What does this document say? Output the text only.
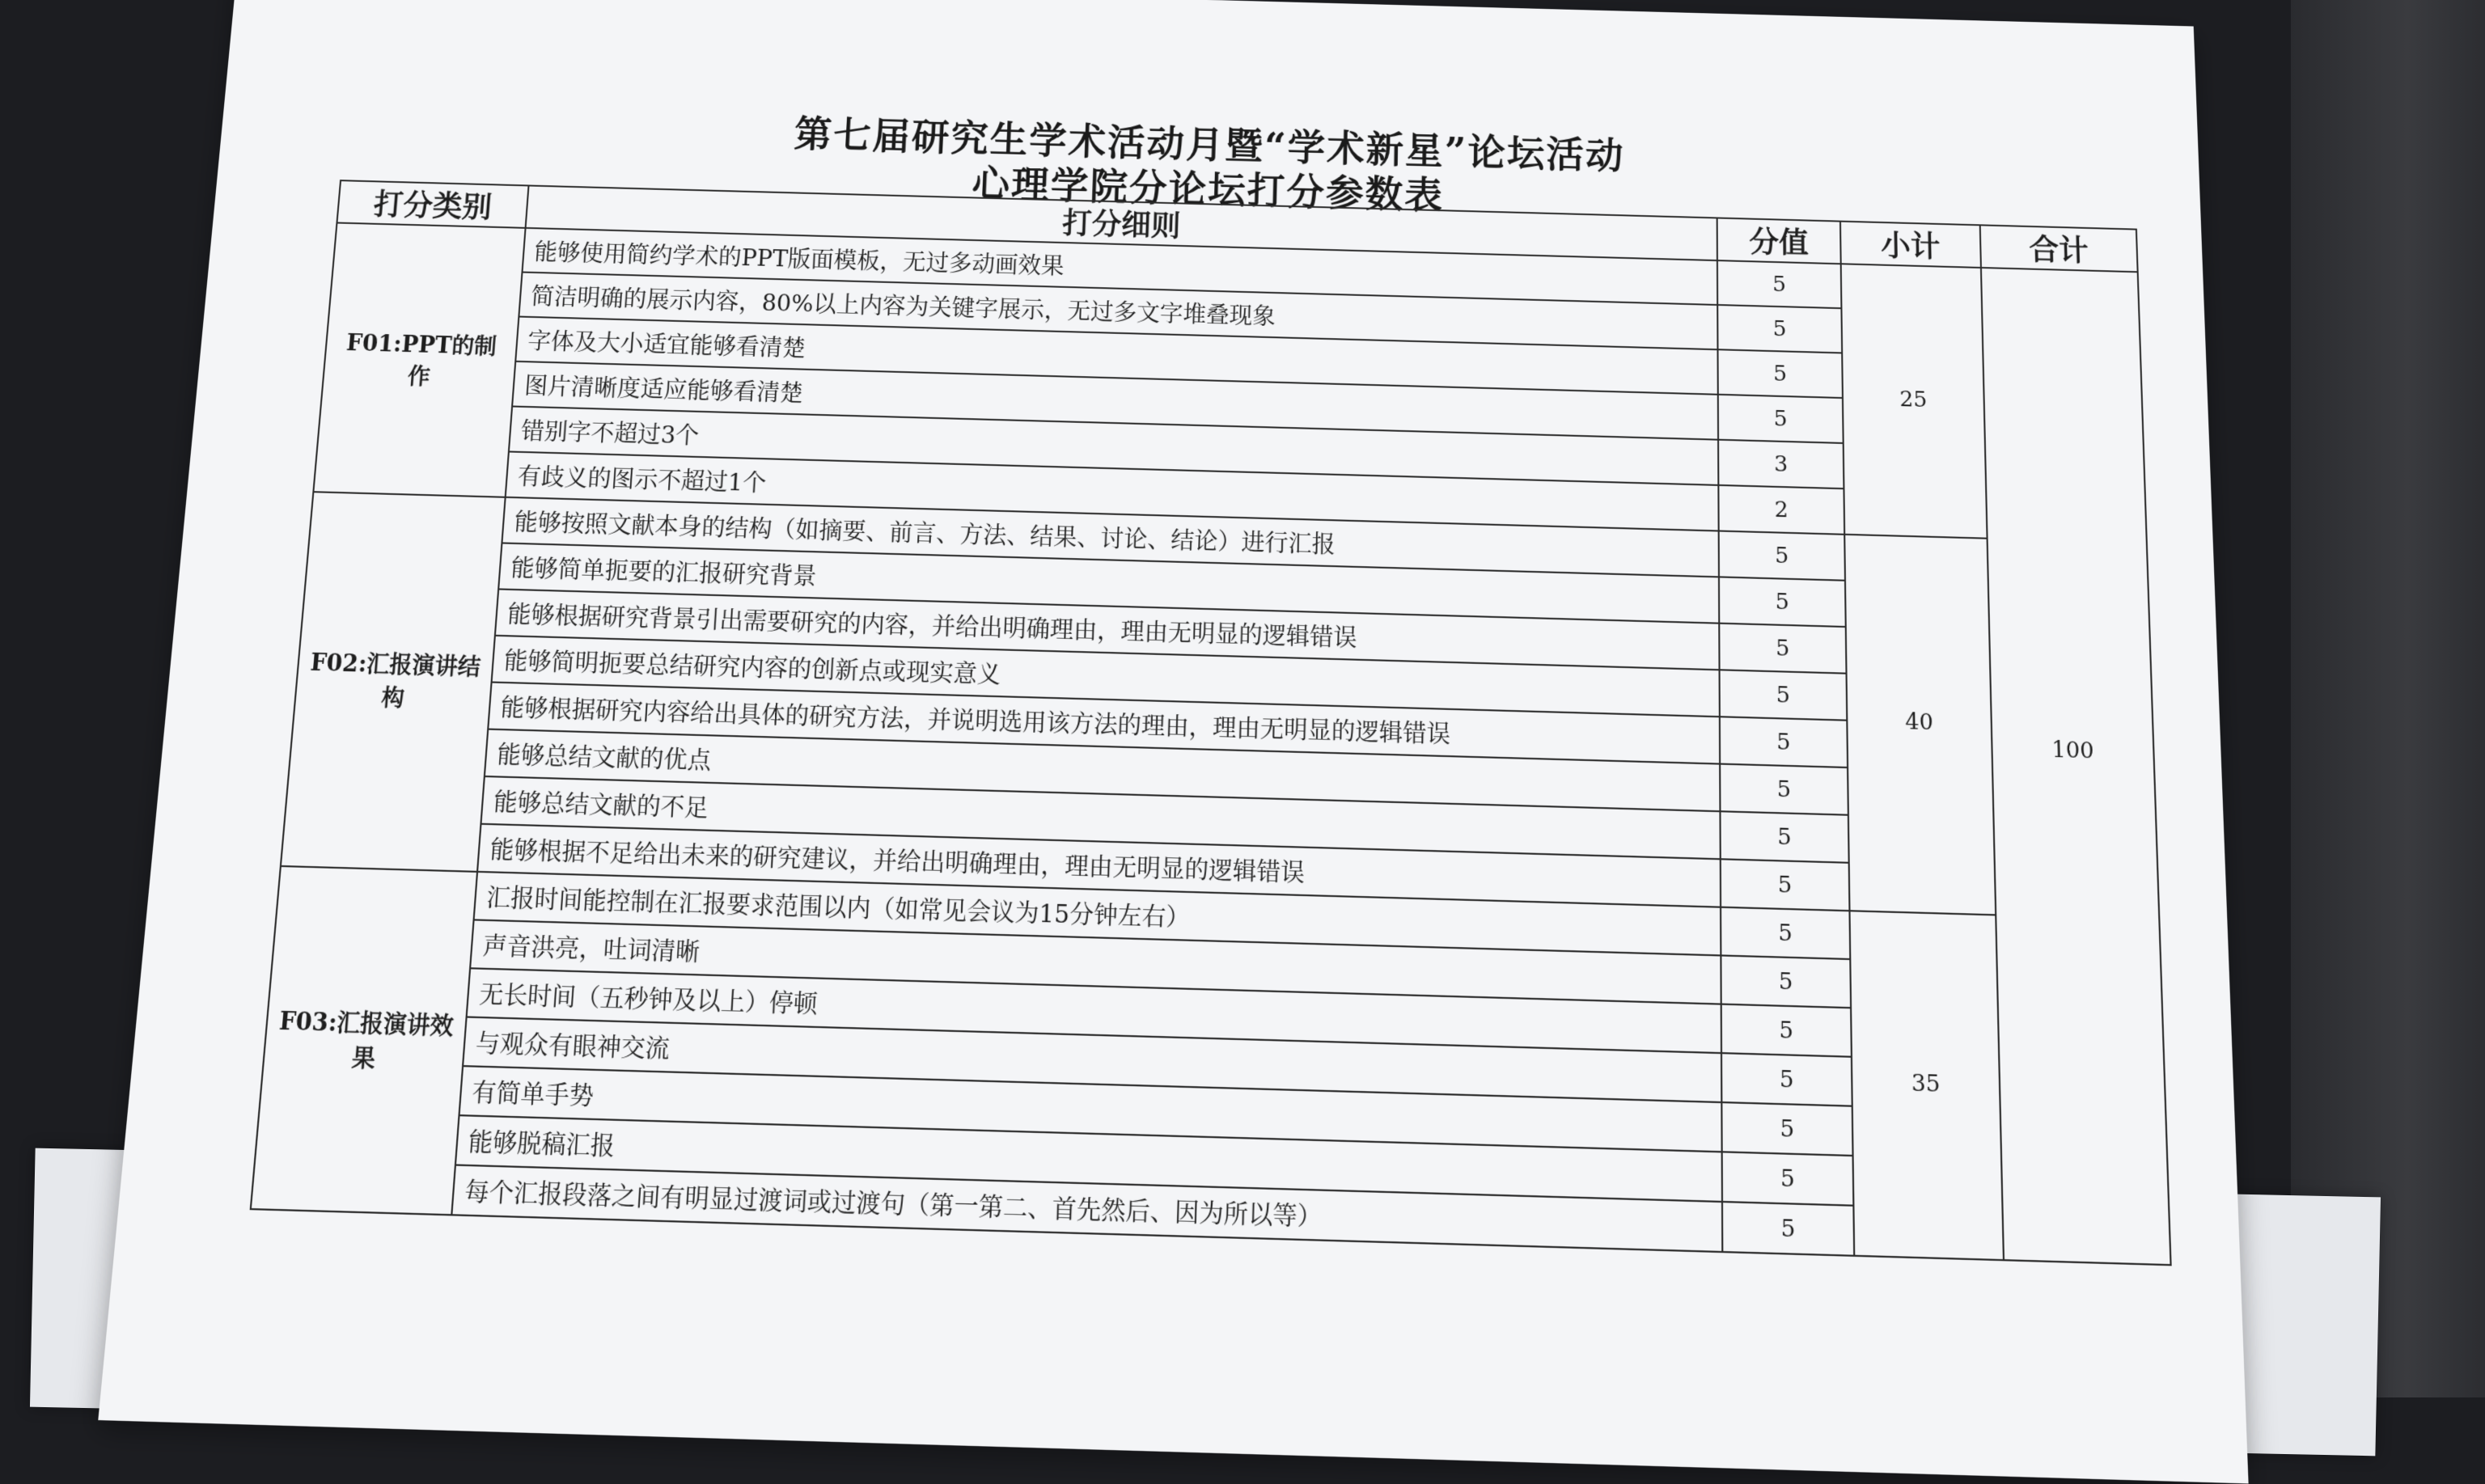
第七届研究生学术活动月暨“学术新星”论坛活动
心理学院分论坛打分参数表
打分类别	打分细则	分值	小计	合计
F01:PPT的制作	能够使用简约学术的PPT版面模板，无过多动画效果	5	25	100
	简洁明确的展示内容，80%以上内容为关键字展示，无过多文字堆叠现象	5		
	字体及大小适宜能够看清楚	5		
	图片清晰度适应能够看清楚	5		
	错别字不超过3个	3		
	有歧义的图示不超过1个	2		
F02:汇报演讲结构	能够按照文献本身的结构（如摘要、前言、方法、结果、讨论、结论）进行汇报	5	40	
	能够简单扼要的汇报研究背景	5		
	能够根据研究背景引出需要研究的内容，并给出明确理由，理由无明显的逻辑错误	5		
	能够简明扼要总结研究内容的创新点或现实意义	5		
	能够根据研究内容给出具体的研究方法，并说明选用该方法的理由，理由无明显的逻辑错误	5		
	能够总结文献的优点	5		
	能够总结文献的不足	5		
	能够根据不足给出未来的研究建议，并给出明确理由，理由无明显的逻辑错误	5		
F03:汇报演讲效果	汇报时间能控制在汇报要求范围以内（如常见会议为15分钟左右）	5	35	
	声音洪亮，吐词清晰	5		
	无长时间（五秒钟及以上）停顿	5		
	与观众有眼神交流	5		
	有简单手势	5		
	能够脱稿汇报	5		
	每个汇报段落之间有明显过渡词或过渡句（第一第二、首先然后、因为所以等）	5		
